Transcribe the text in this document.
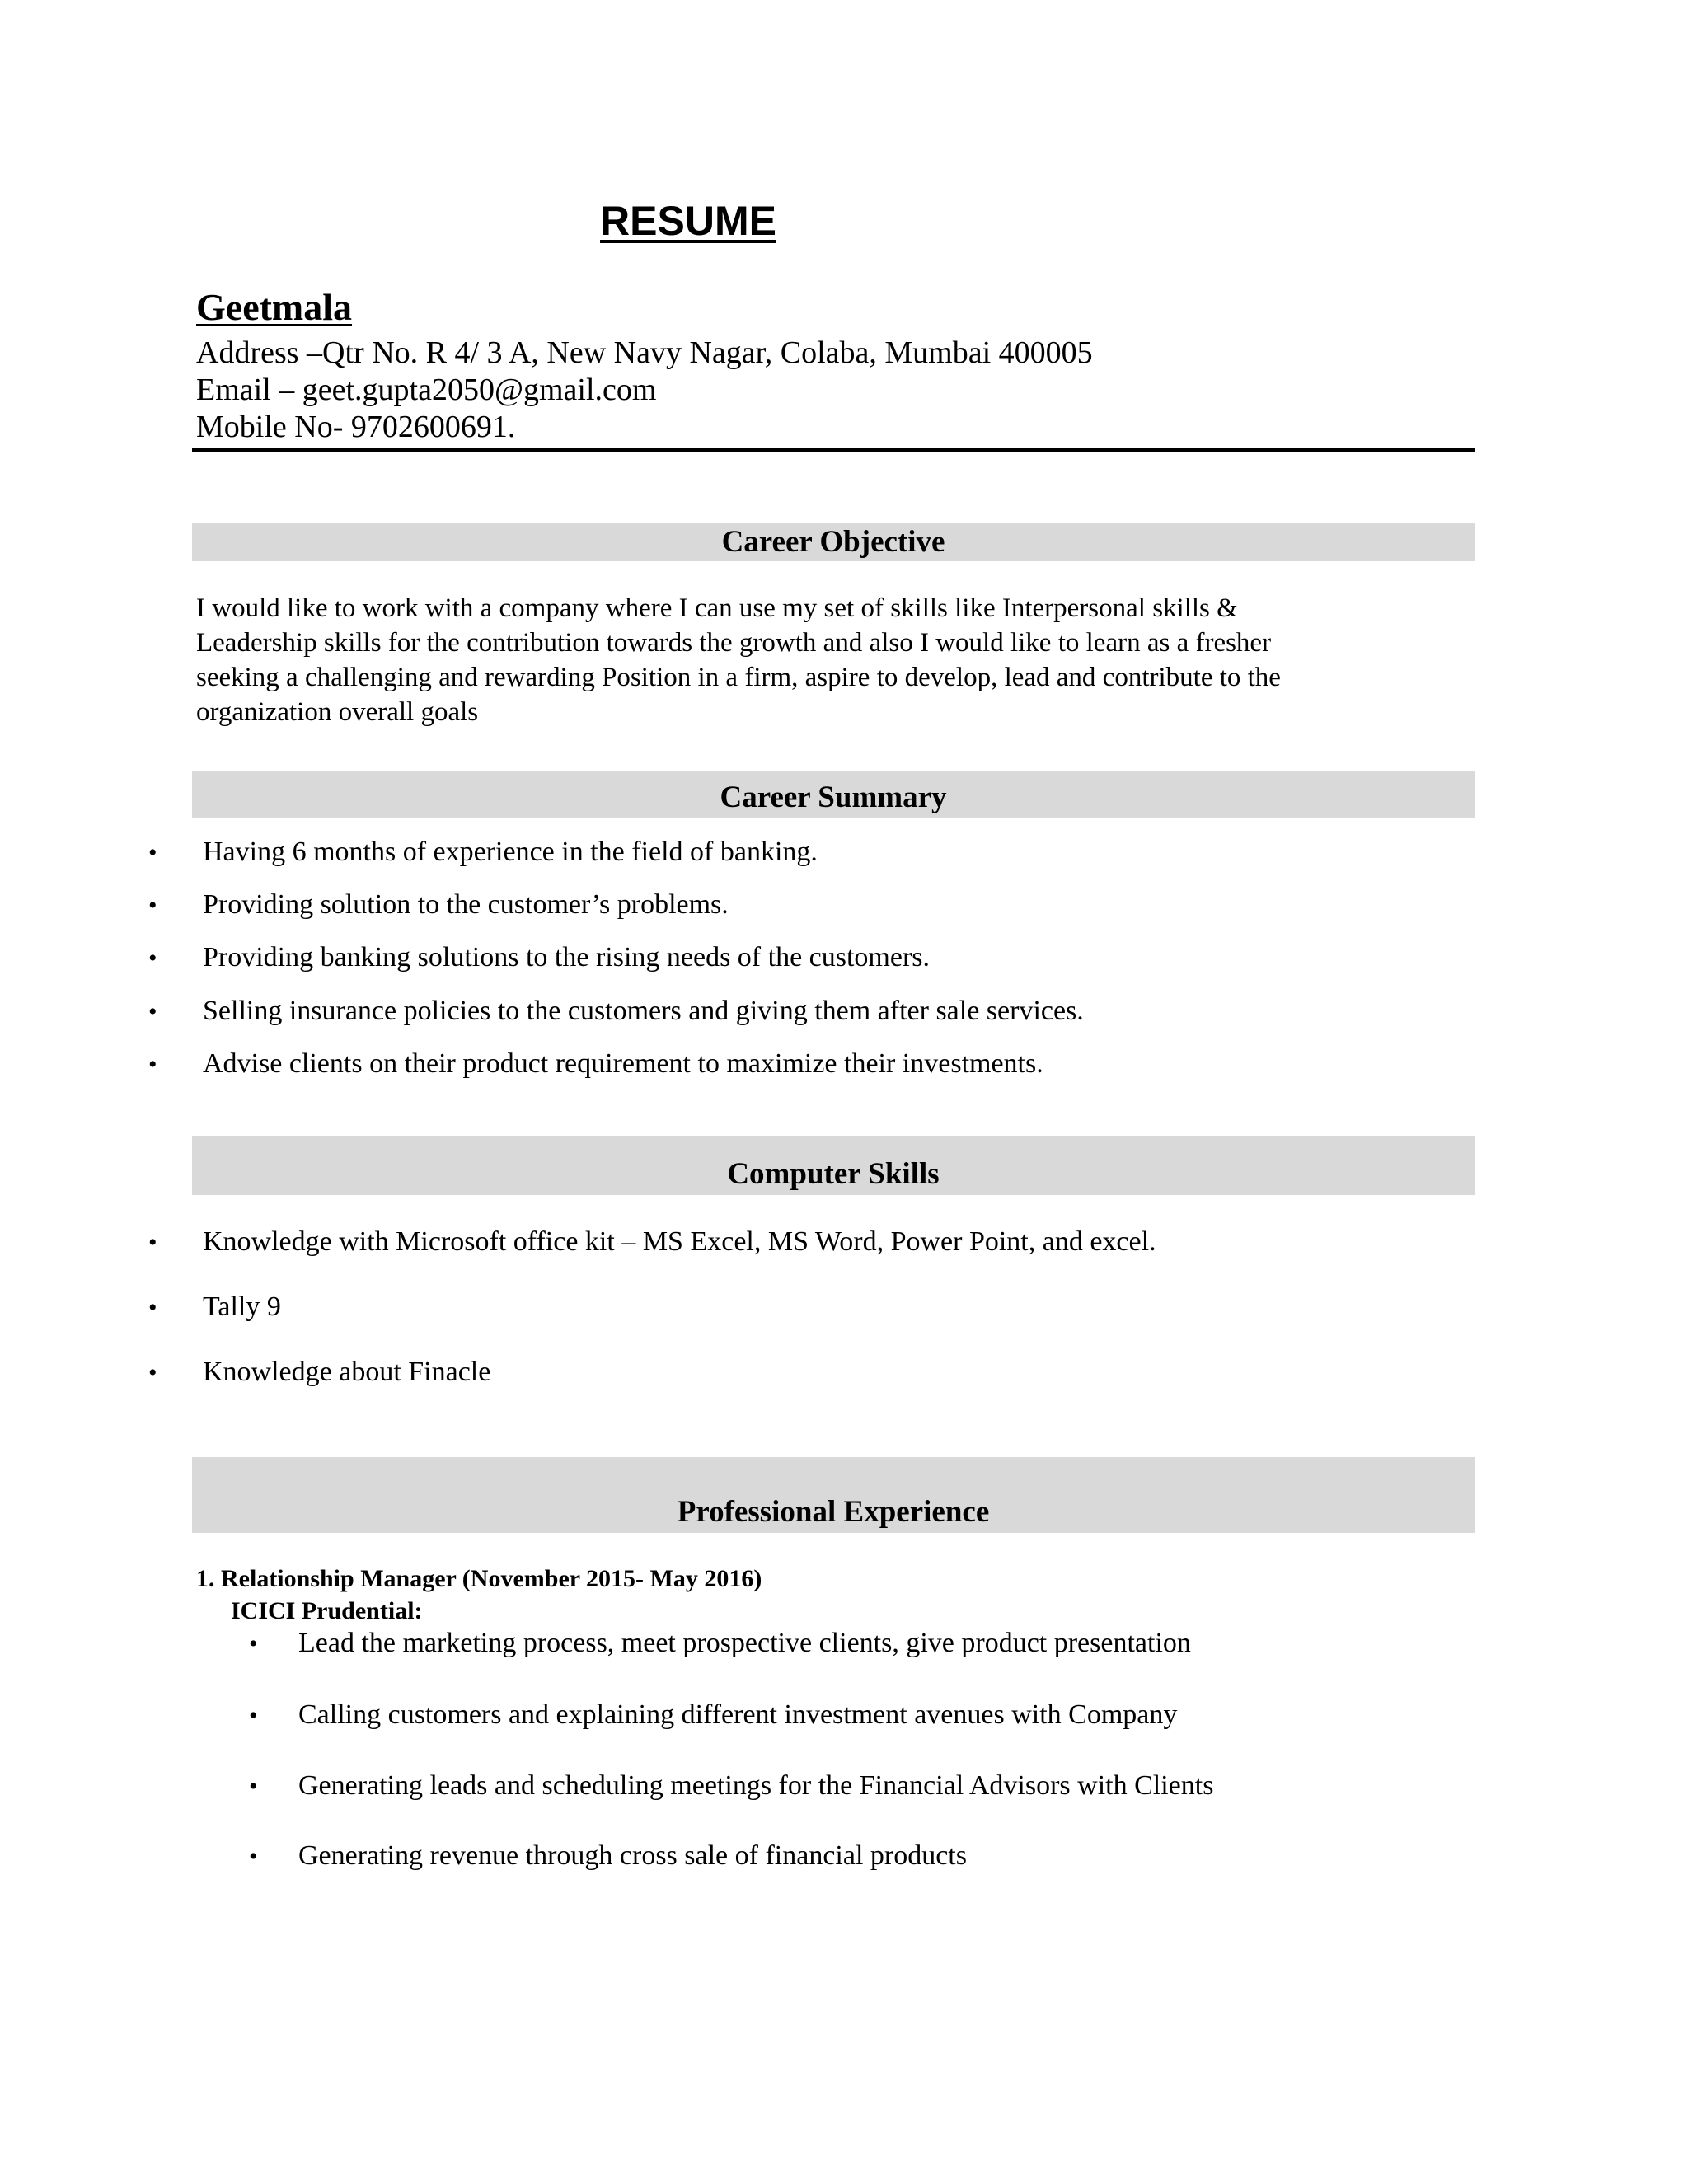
RESUME
Geetmala
Address –Qtr No. R 4/ 3 A, New Navy Nagar, Colaba, Mumbai 400005
Email – geet.gupta2050@gmail.com
Mobile No- 9702600691.
Career Objective
I would like to work with a company where I can use my set of skills like Interpersonal skills &
Leadership skills for the contribution towards the growth and also I would like to learn as a fresher
seeking a challenging and rewarding Position in a firm, aspire to develop, lead and contribute to the
organization overall goals
Career Summary
• Having 6 months of experience in the field of banking.
• Providing solution to the customer’s problems.
• Providing banking solutions to the rising needs of the customers.
• Selling insurance policies to the customers and giving them after sale services.
• Advise clients on their product requirement to maximize their investments.
Computer Skills
• Knowledge with Microsoft office kit – MS Excel, MS Word, Power Point, and excel.
• Tally 9
• Knowledge about Finacle
Professional Experience
1. Relationship Manager (November 2015- May 2016)
ICICI Prudential:
• Lead the marketing process, meet prospective clients, give product presentation
• Calling customers and explaining different investment avenues with Company
• Generating leads and scheduling meetings for the Financial Advisors with Clients
• Generating revenue through cross sale of financial products
